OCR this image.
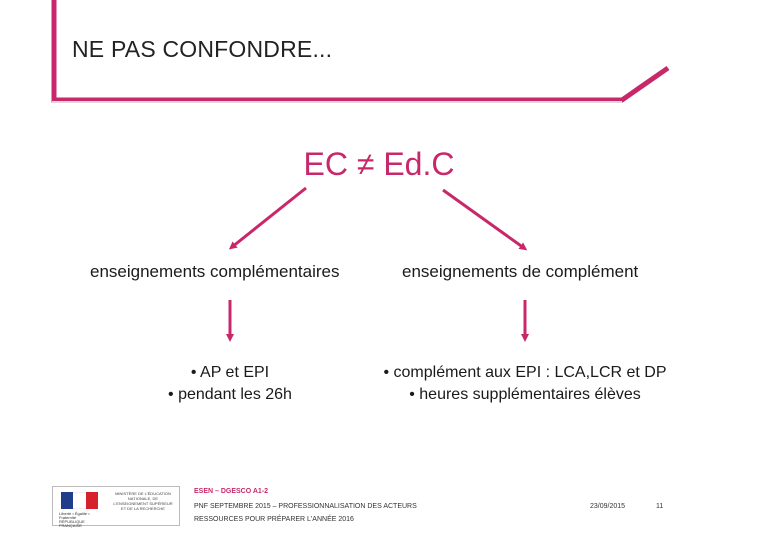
NE PAS CONFONDRE...
EC ≠ Ed.C
enseignements complémentaires	enseignements de complément
• AP et EPI
• pendant les 26h
• complément aux EPI : LCA,LCR et DP
• heures supplémentaires élèves
Liberté • Égalité • Fraternité RÉPUBLIQUE FRANÇAISE
MINISTÈRE DE L'ÉDUCATION NATIONALE, DE L'ENSEIGNEMENT SUPÉRIEUR ET DE LA RECHERCHE
ESEN – DGESCO A1-2
PNF SEPTEMBRE 2015 – PROFESSIONNALISATION DES ACTEURS
RESSOURCES POUR PRÉPARER L'ANNÉE 2016
23/09/2015	11
